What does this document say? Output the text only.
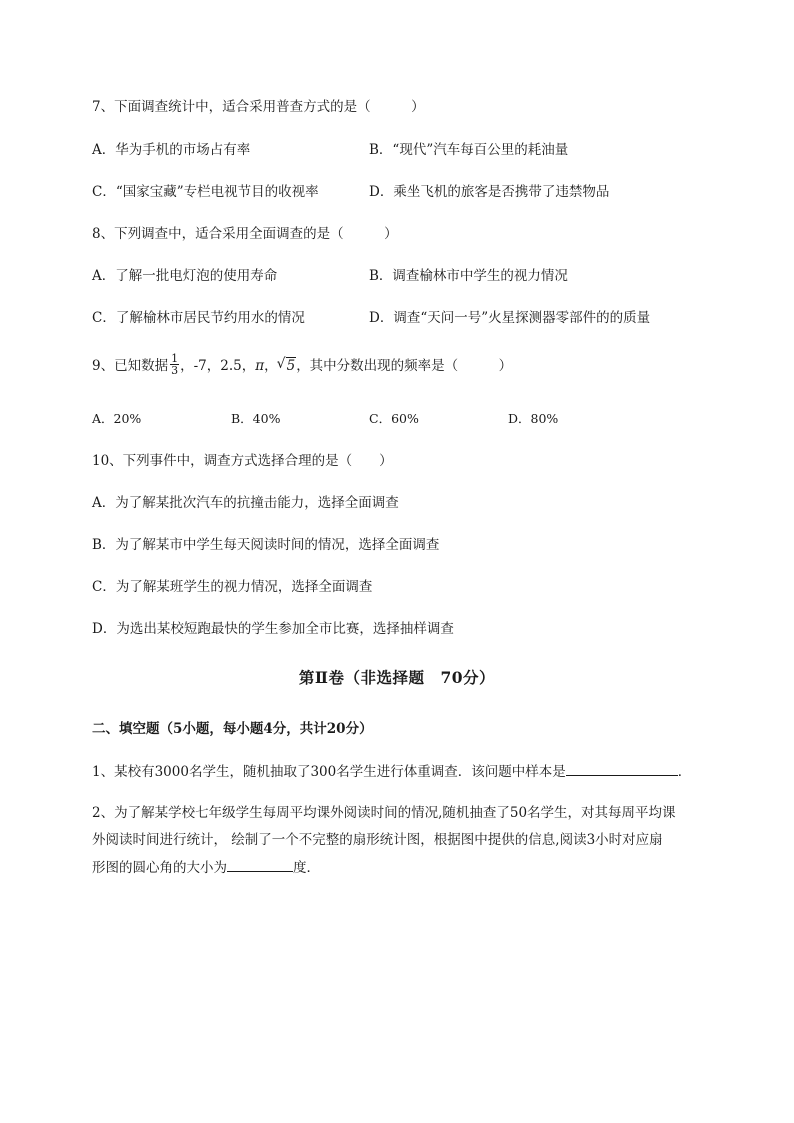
7、下面调查统计中，适合采用普查方式的是（　　　）
A．华为手机的市场占有率	B．“现代”汽车每百公里的耗油量
C．“国家宝藏”专栏电视节目的收视率	D．乘坐飞机的旅客是否携带了违禁物品
8、下列调查中，适合采用全面调查的是（　　　）
A．了解一批电灯泡的使用寿命	B．调查榆林市中学生的视力情况
C．了解榆林市居民节约用水的情况	D．调查“天问一号”火星探测器零部件的的质量
9、已知数据 $\frac{1}{3}$ ，-7，2.5，π， √ 5，其中分数出现的频率是（　　　）
A．20%	B．40%	C．60%	D．80%
10、下列事件中，调查方式选择合理的是（　　）
A．为了解某批次汽车的抗撞击能力，选择全面调查
B．为了解某市中学生每天阅读时间的情况，选择全面调查
C．为了解某班学生的视力情况，选择全面调查
D．为选出某校短跑最快的学生参加全市比赛，选择抽样调查
第Ⅱ卷（非选择题　70分）
二、填空题（5小题，每小题4分，共计20分）
1、某校有3000名学生，随机抽取了300名学生进行体重调查．该问题中样本是	．
2、为了解某学校七年级学生每周平均课外阅读时间的情况,随机抽查了50名学生，对其每周平均课
外阅读时间进行统计， 绘制了一个不完整的扇形统计图，根据图中提供的信息,阅读3小时对应扇
形图的圆心角的大小为	度．
